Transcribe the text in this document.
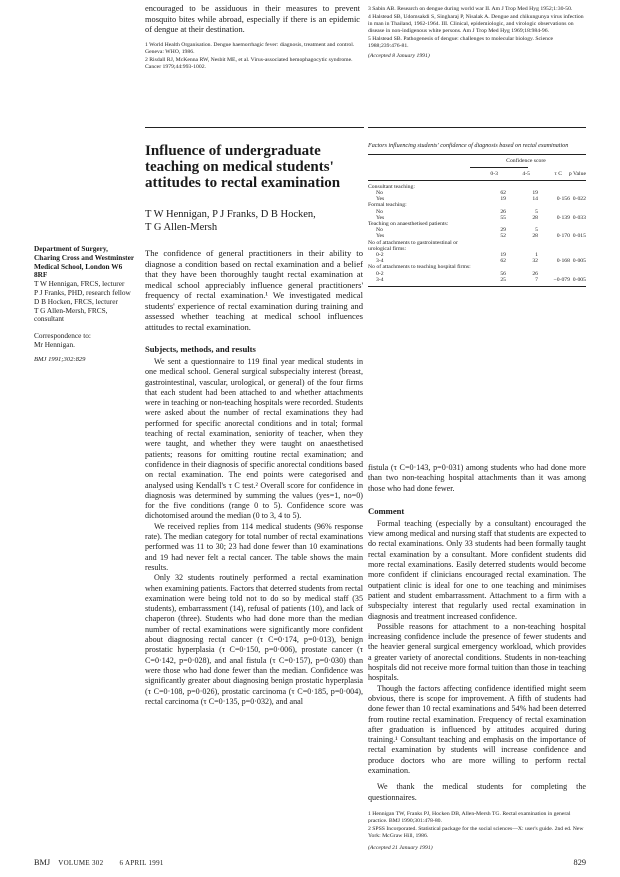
encouraged to be assiduous in their measures to prevent mosquito bites while abroad, especially if there is an epidemic of dengue at their destination.

1 World Health Organisation. Dengue haemorrhagic fever: diagnosis, treatment and control. Geneva: WHO, 1986.

2 Risdall RJ, McKenna RW, Nesbit ME, et al. Virus-associated hemophagocytic syndrome. Cancer 1979;44:993-1002.

3 Sabin AB. Research on dengue during world war II. Am J Trop Med Hyg 1952;1:30-50.

4 Halstead SB, Udomsakdi S, Singharaj P, Nisalak A. Dengue and chikungunya virus infection in man in Thailand, 1962-1964. III. Clinical, epidemiologic, and virologic observations on disease in non-indigenous white persons. Am J Trop Med Hyg 1969;18:984-96.

5 Halstead SB. Pathogenesis of dengue: challenges to molecular biology. Science 1988;239:476-81.

(Accepted 8 January 1991)

Influence of undergraduate teaching on medical students' attitudes to rectal examination
T W Hennigan, P J Franks, D B Hocken,
T G Allen-Mersh
Factors influencing students' confidence of diagnosis based on rectal examination
	Confidence score		
	0-3	4-5	τ C	p Value
Consultant teaching:				
No	62	19		
Yes	19	14	0·156	0·022
Formal teaching:				
No	26	5		
Yes	55	28	0·139	0·033
Teaching on anaesthetised patients:				
No	29	5		
Yes	52	28	0·170	0·015
No of attachments to gastrointestinal or urological firms:				
0-2	19	1		
3-4	62	32	0·168	0·005
No of attachments to teaching hospital firms:				
0-2	56	26		
3-4	25	7	−0·079	0·005
Department of Surgery, Charing Cross and Westminster Medical School, London W6 8RF
T W Hennigan, FRCS, lecturer
P J Franks, PHD, research fellow
D B Hocken, FRCS, lecturer
T G Allen-Mersh, FRCS, consultant
Correspondence to:
Mr Hennigan.
BMJ 1991;302:829

The confidence of general practitioners in their ability to diagnose a condition based on rectal examination and a belief that they have been thoroughly taught rectal examination at medical school appreciably influence general practitioners' frequency of rectal examination.¹ We investigated medical students' experience of rectal examination during training and assessed whether teaching at medical school influences attitudes to rectal examination.

Subjects, methods, and results

We sent a questionnaire to 119 final year medical students in one medical school. General surgical subspecialty interest (breast, gastrointestinal, vascular, urological, or general) of the four firms that each student had been attached to and whether attachments were in teaching or non-teaching hospitals were recorded. Students were asked about the number of rectal examinations they had performed for specific anorectal conditions and in total; formal teaching of rectal examination, seniority of teacher, when they were taught, and whether they were taught on anaesthetised patients; reasons for omitting routine rectal examination; and confidence in their diagnosis of specific anorectal conditions based on rectal examination. The end points were categorised and analysed using Kendall's τ C test.² Overall score for confidence in diagnosis was determined by summing the values (yes=1, no=0) for the five conditions (range 0 to 5). Confidence score was dichotomised around the median (0 to 3, 4 to 5).

We received replies from 114 medical students (96% response rate). The median category for total number of rectal examinations performed was 11 to 30; 23 had done fewer than 10 examinations and 19 had never felt a rectal cancer. The table shows the main results.

Only 32 students routinely performed a rectal examination when examining patients. Factors that deterred students from rectal examination were being told not to do so by medical staff (35 students), embarrassment (14), refusal of patients (10), and lack of chaperon (three). Students who had done more than the median number of rectal examinations were significantly more confident about diagnosing rectal cancer (τ C=0·174, p=0·013), benign prostatic hyperplasia (τ C=0·150, p=0·006), prostate cancer (τ C=0·142, p=0·028), and anal fistula (τ C=0·157), p=0·030) than were those who had done fewer than the median. Confidence was significantly greater about diagnosing benign prostatic hyperplasia (τ C=0·108, p=0·026), prostatic carcinoma (τ C=0·185, p=0·004), rectal carcinoma (τ C=0·135, p=0·032), and anal

fistula (τ C=0·143, p=0·031) among students who had done more than two non-teaching hospital attachments than it was among those who had done fewer.

Comment

Formal teaching (especially by a consultant) encouraged the view among medical and nursing staff that students are expected to do rectal examinations. Only 33 students had been formally taught rectal examination by a consultant. More confident students did more rectal examinations. Easily deterred students would become more confident if clinicians encouraged rectal examination. The outpatient clinic is ideal for one to one teaching and minimises patient and student embarrassment. Attachment to a firm with a subspecialty interest that regularly used rectal examination in diagnosis and treatment increased confidence.

Possible reasons for attachment to a non-teaching hospital increasing confidence include the presence of fewer students and the heavier general surgical emergency workload, which provides a greater variety of anorectal conditions. Students in non-teaching hospitals did not receive more formal tuition than those in teaching hospitals.

Though the factors affecting confidence identified might seem obvious, there is scope for improvement. A fifth of students had done fewer than 10 rectal examinations and 54% had been deterred from routine rectal examination. Frequency of rectal examination after graduation is influenced by attitudes acquired during training.¹ Consultant teaching and emphasis on the importance of rectal examination by students will increase confidence and produce doctors who are more willing to perform rectal examination.

We thank the medical students for completing the questionnaires.

1 Hennigan TW, Franks PJ, Hocken DB, Allen-Mersh TG. Rectal examination in general practice. BMJ 1990;301:478-80.

2 SPSS Incorporated. Statistical package for the social sciences—X: user's guide. 2nd ed. New York: McGraw Hill, 1986.

(Accepted 21 January 1991)

BMJ VOLUME 302 6 APRIL 1991	829
